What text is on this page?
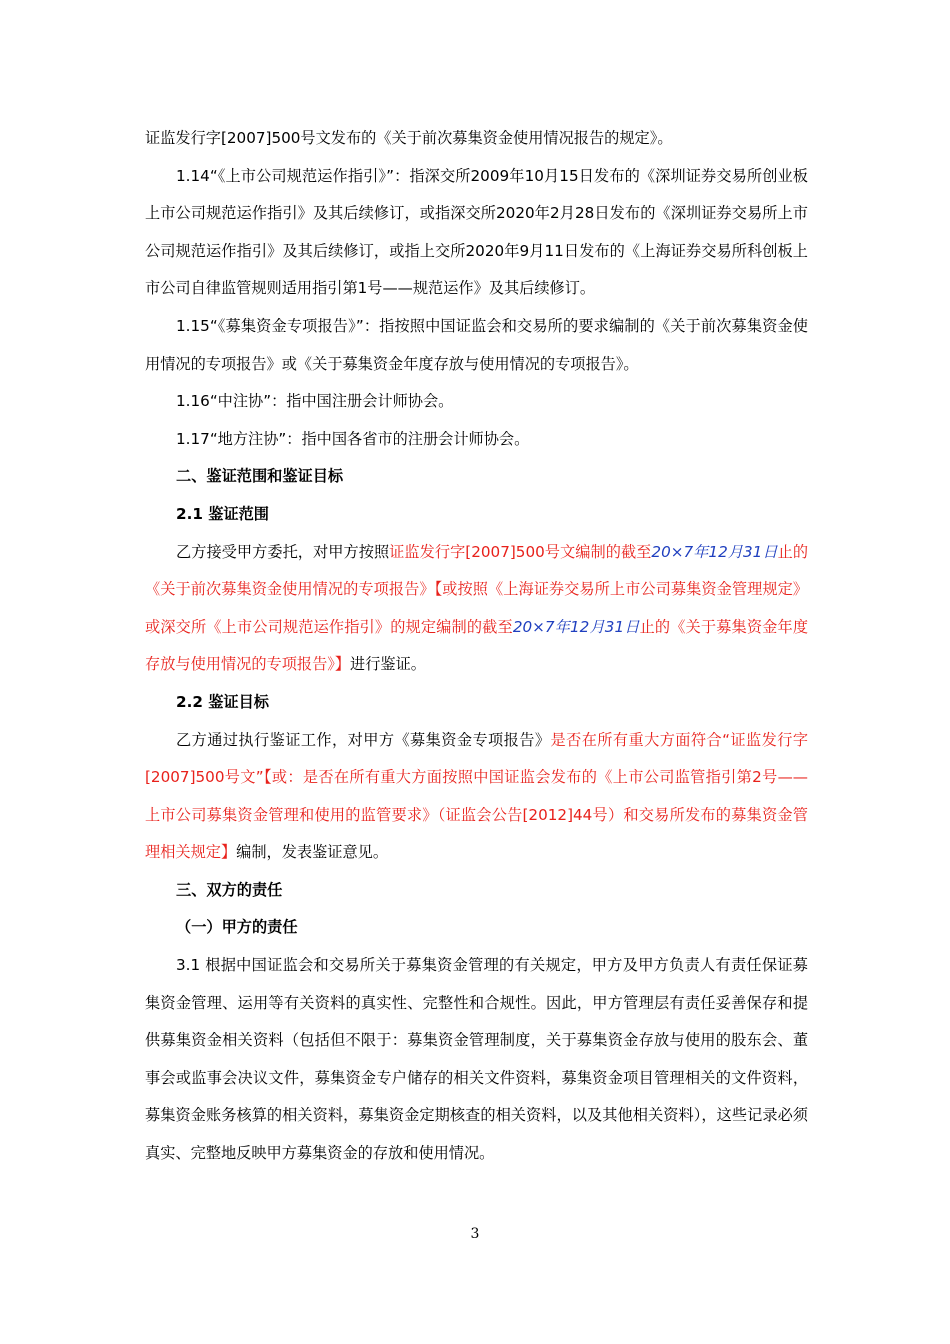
证监发行字[2007]500号文发布的《关于前次募集资金使用情况报告的规定》。

1.14“《上市公司规范运作指引》”：指深交所2009年10月15日发布的《深圳证券交易所创业板上市公司规范运作指引》及其后续修订，或指深交所2020年2月28日发布的《深圳证券交易所上市公司规范运作指引》及其后续修订，或指上交所2020年9月11日发布的《上海证券交易所科创板上市公司自律监管规则适用指引第1号——规范运作》及其后续修订。

1.15“《募集资金专项报告》”：指按照中国证监会和交易所的要求编制的《关于前次募集资金使用情况的专项报告》或《关于募集资金年度存放与使用情况的专项报告》。

1.16“中注协”：指中国注册会计师协会。

1.17“地方注协”：指中国各省市的注册会计师协会。

二、鉴证范围和鉴证目标

2.1 鉴证范围

乙方接受甲方委托，对甲方按照证监发行字[2007]500号文编制的截至20×7年12月31日止的《关于前次募集资金使用情况的专项报告》【或按照《上海证券交易所上市公司募集资金管理规定》或深交所《上市公司规范运作指引》的规定编制的截至20×7年12月31日止的《关于募集资金年度存放与使用情况的专项报告》】进行鉴证。

2.2 鉴证目标

乙方通过执行鉴证工作，对甲方《募集资金专项报告》是否在所有重大方面符合“证监发行字[2007]500号文”【或：是否在所有重大方面按照中国证监会发布的《上市公司监管指引第2号——上市公司募集资金管理和使用的监管要求》（证监会公告[2012]44号）和交易所发布的募集资金管理相关规定】编制，发表鉴证意见。

三、双方的责任

（一）甲方的责任

3.1 根据中国证监会和交易所关于募集资金管理的有关规定，甲方及甲方负责人有责任保证募集资金管理、运用等有关资料的真实性、完整性和合规性。因此，甲方管理层有责任妥善保存和提供募集资金相关资料（包括但不限于：募集资金管理制度，关于募集资金存放与使用的股东会、董事会或监事会决议文件，募集资金专户储存的相关文件资料，募集资金项目管理相关的文件资料，募集资金账务核算的相关资料，募集资金定期核查的相关资料，以及其他相关资料），这些记录必须真实、完整地反映甲方募集资金的存放和使用情况。

3
